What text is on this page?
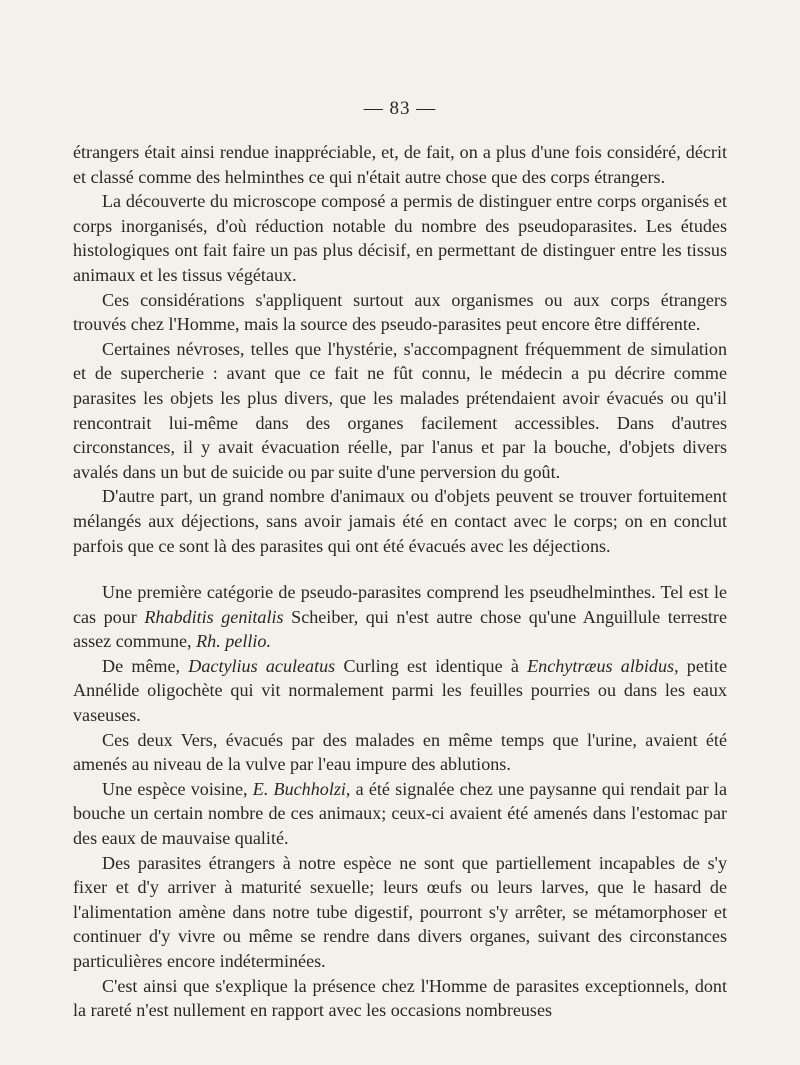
— 83 —

étrangers était ainsi rendue inappréciable, et, de fait, on a plus d'une fois considéré, décrit et classé comme des helminthes ce qui n'était autre chose que des corps étrangers.

La découverte du microscope composé a permis de distinguer entre corps organisés et corps inorganisés, d'où réduction notable du nombre des pseudoparasites. Les études histologiques ont fait faire un pas plus décisif, en permettant de distinguer entre les tissus animaux et les tissus végétaux.

Ces considérations s'appliquent surtout aux organismes ou aux corps étrangers trouvés chez l'Homme, mais la source des pseudo-parasites peut encore être différente.

Certaines névroses, telles que l'hystérie, s'accompagnent fréquemment de simulation et de supercherie : avant que ce fait ne fût connu, le médecin a pu décrire comme parasites les objets les plus divers, que les malades prétendaient avoir évacués ou qu'il rencontrait lui-même dans des organes facilement accessibles. Dans d'autres circonstances, il y avait évacuation réelle, par l'anus et par la bouche, d'objets divers avalés dans un but de suicide ou par suite d'une perversion du goût.

D'autre part, un grand nombre d'animaux ou d'objets peuvent se trouver fortuitement mélangés aux déjections, sans avoir jamais été en contact avec le corps; on en conclut parfois que ce sont là des parasites qui ont été évacués avec les déjections.

Une première catégorie de pseudo-parasites comprend les pseudhelminthes. Tel est le cas pour Rhabditis genitalis Scheiber, qui n'est autre chose qu'une Anguillule terrestre assez commune, Rh. pellio.

De même, Dactylius aculeatus Curling est identique à Enchytræus albidus, petite Annélide oligochète qui vit normalement parmi les feuilles pourries ou dans les eaux vaseuses.

Ces deux Vers, évacués par des malades en même temps que l'urine, avaient été amenés au niveau de la vulve par l'eau impure des ablutions.

Une espèce voisine, E. Buchholzi, a été signalée chez une paysanne qui rendait par la bouche un certain nombre de ces animaux; ceux-ci avaient été amenés dans l'estomac par des eaux de mauvaise qualité.

Des parasites étrangers à notre espèce ne sont que partiellement incapables de s'y fixer et d'y arriver à maturité sexuelle; leurs œufs ou leurs larves, que le hasard de l'alimentation amène dans notre tube digestif, pourront s'y arrêter, se métamorphoser et continuer d'y vivre ou même se rendre dans divers organes, suivant des circonstances particulières encore indéterminées.

C'est ainsi que s'explique la présence chez l'Homme de parasites exceptionnels, dont la rareté n'est nullement en rapport avec les occasions nombreuses
